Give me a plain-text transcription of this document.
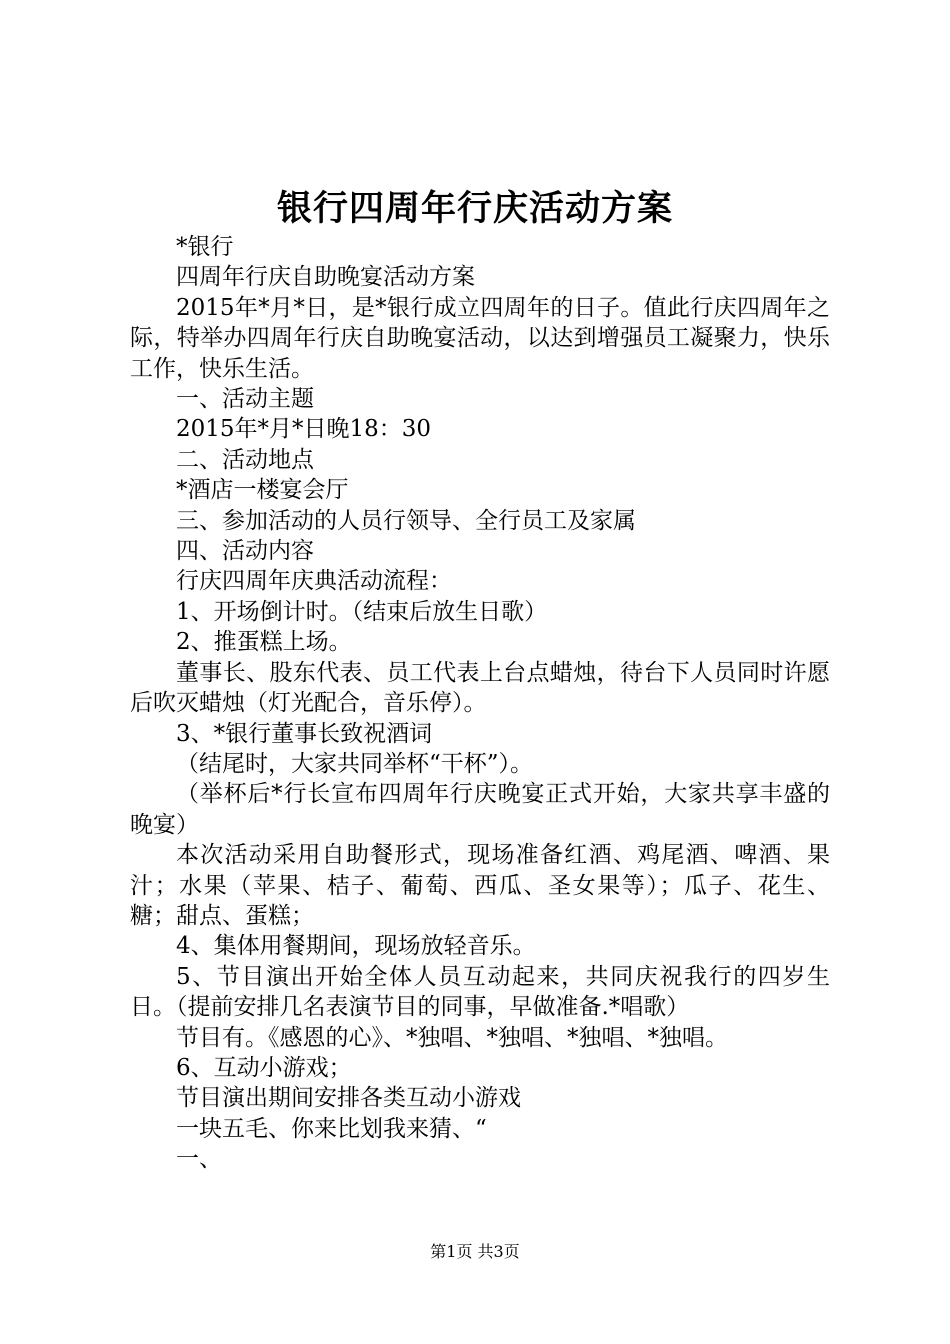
银行四周年行庆活动方案

*银行

四周年行庆自助晚宴活动方案

2015年*月*日，是*银行成立四周年的日子。值此行庆四周年之际，特举办四周年行庆自助晚宴活动，以达到增强员工凝聚力，快乐工作，快乐生活。

一、活动主题

2015年*月*日晚18：30

二、活动地点

*酒店一楼宴会厅

三、参加活动的人员行领导、全行员工及家属

四、活动内容

行庆四周年庆典活动流程：

1、开场倒计时。（结束后放生日歌）

2、推蛋糕上场。

董事长、股东代表、员工代表上台点蜡烛，待台下人员同时许愿后吹灭蜡烛（灯光配合，音乐停）。

3、*银行董事长致祝酒词

（结尾时，大家共同举杯“干杯”）。

（举杯后*行长宣布四周年行庆晚宴正式开始，大家共享丰盛的晚宴）

本次活动采用自助餐形式，现场准备红酒、鸡尾酒、啤酒、果汁；水果（苹果、桔子、葡萄、西瓜、圣女果等）；瓜子、花生、糖；甜点、蛋糕；

4、集体用餐期间，现场放轻音乐。

5、节目演出开始全体人员互动起来，共同庆祝我行的四岁生日。（提前安排几名表演节目的同事，早做准备.*唱歌）

节目有。《感恩的心》、*独唱、*独唱、*独唱、*独唱。

6、互动小游戏；

节目演出期间安排各类互动小游戏

一块五毛、你来比划我来猜、“

一、

第1页 共3页
